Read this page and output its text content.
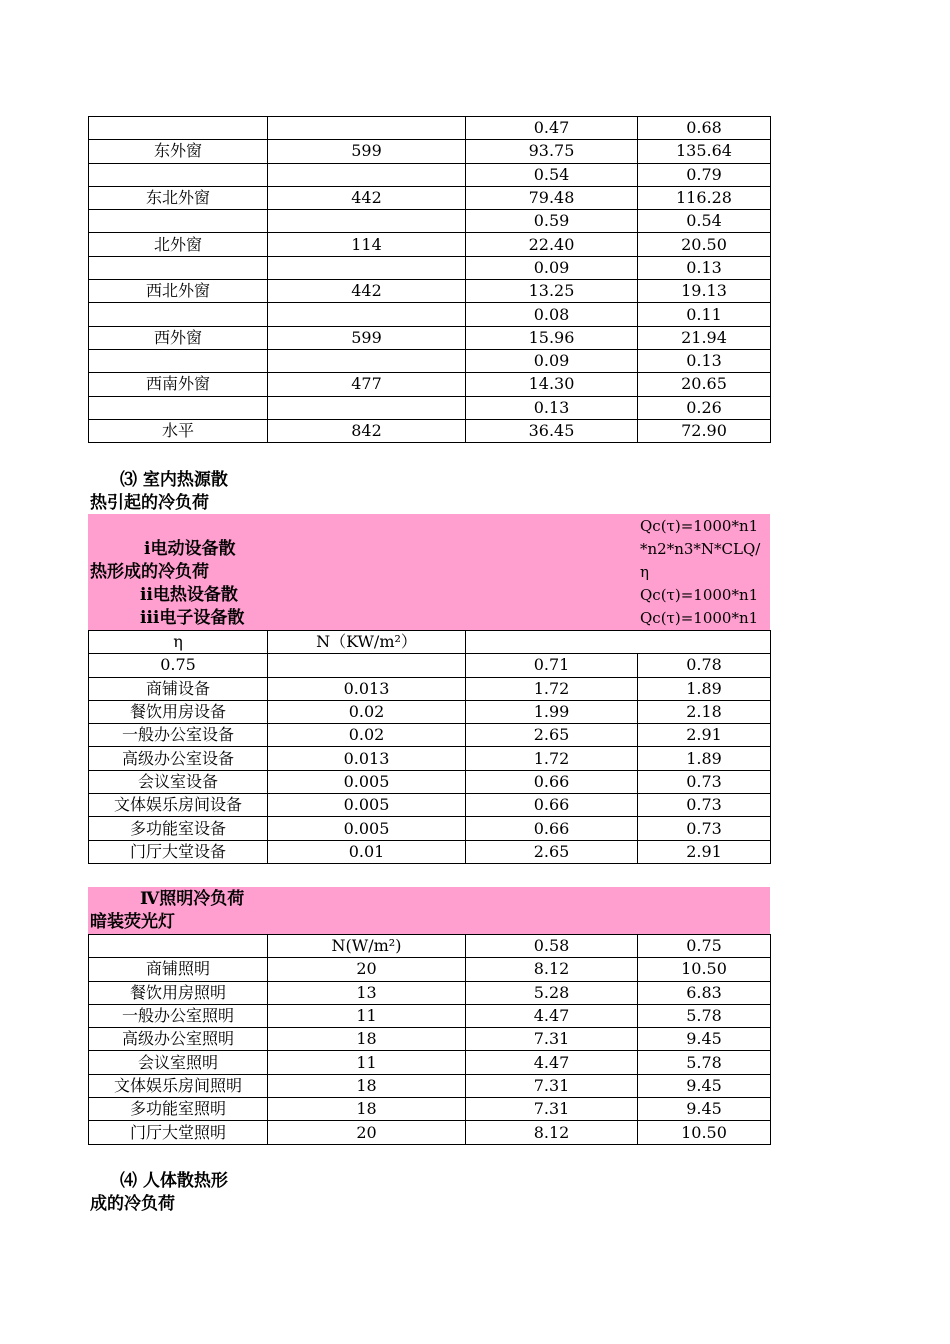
		0.47	0.68
东外窗	599	93.75	135.64
		0.54	0.79
东北外窗	442	79.48	116.28
		0.59	0.54
北外窗	114	22.40	20.50
		0.09	0.13
西北外窗	442	13.25	19.13
		0.08	0.11
西外窗	599	15.96	21.94
		0.09	0.13
西南外窗	477	14.30	20.65
		0.13	0.26
水平	842	36.45	72.90
⑶ 室内热源散
热引起的冷负荷
ⅰ电动设备散
热形成的冷负荷
ⅱ电热设备散
ⅲ电子设备散
Qc(τ)=1000*n1
*n2*n3*N*CLQ/
η
Qc(τ)=1000*n1
Qc(τ)=1000*n1
η	N（KW/m²）		
0.75		0.71	0.78
商铺设备	0.013	1.72	1.89
餐饮用房设备	0.02	1.99	2.18
一般办公室设备	0.02	2.65	2.91
高级办公室设备	0.013	1.72	1.89
会议室设备	0.005	0.66	0.73
文体娱乐房间设备	0.005	0.66	0.73
多功能室设备	0.005	0.66	0.73
门厅大堂设备	0.01	2.65	2.91
Ⅳ照明冷负荷
暗装荧光灯
	N(W/m²)	0.58	0.75
商铺照明	20	8.12	10.50
餐饮用房照明	13	5.28	6.83
一般办公室照明	11	4.47	5.78
高级办公室照明	18	7.31	9.45
会议室照明	11	4.47	5.78
文体娱乐房间照明	18	7.31	9.45
多功能室照明	18	7.31	9.45
门厅大堂照明	20	8.12	10.50
⑷ 人体散热形
成的冷负荷
